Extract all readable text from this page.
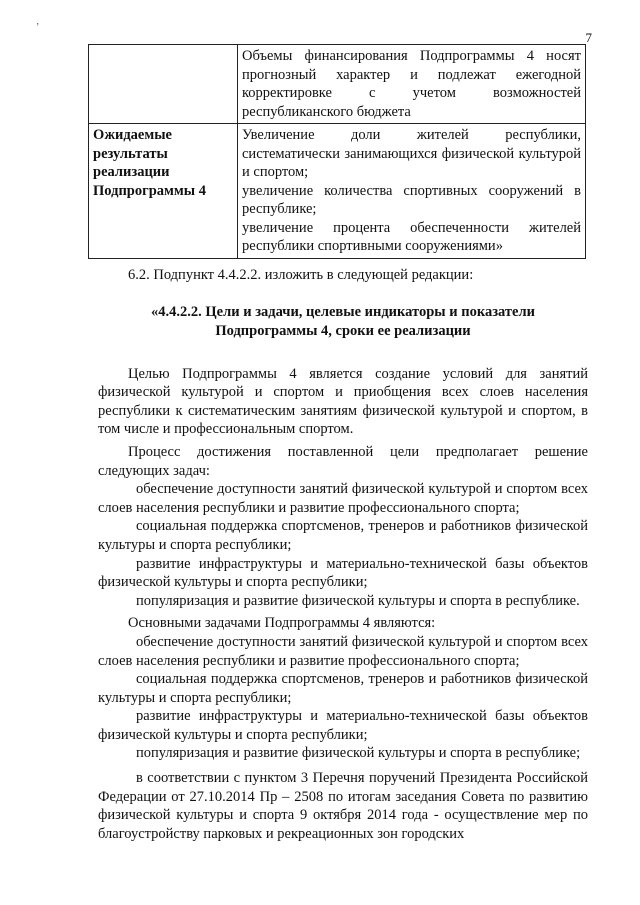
‚
7
	Объемы финансирования Подпрограммы 4 носят прогнозный характер и подлежат ежегодной корректировке с учетом возможностей республиканского бюджета
Ожидаемые результаты реализации Подпрограммы 4	Увеличение доли жителей республики, систематически занимающихся физической культурой и спортом;
увеличение количества спортивных сооружений в республике;
увеличение процента обеспеченности жителей республики спортивными сооружениями»

6.2. Подпункт 4.4.2.2. изложить в следующей редакции:

«4.4.2.2. Цели и задачи, целевые индикаторы и показатели
Подпрограммы 4, сроки ее реализации

Целью Подпрограммы 4 является создание условий для занятий физической культурой и спортом и приобщения всех слоев населения республики к систематическим занятиям физической культурой и спортом, в том числе и профессиональным спортом.

Процесс достижения поставленной цели предполагает решение следующих задач:

обеспечение доступности занятий физической культурой и спортом всех слоев населения республики и развитие профессионального спорта;

социальная поддержка спортсменов, тренеров и работников физической культуры и спорта республики;

развитие инфраструктуры и материально-технической базы объектов физической культуры и спорта республики;

популяризация и развитие физической культуры и спорта в республике.

Основными задачами Подпрограммы 4 являются:

обеспечение доступности занятий физической культурой и спортом всех слоев населения республики и развитие профессионального спорта;

социальная поддержка спортсменов, тренеров и работников физической культуры и спорта республики;

развитие инфраструктуры и материально-технической базы объектов физической культуры и спорта республики;

популяризация и развитие физической культуры и спорта в республике;

в соответствии с пунктом 3 Перечня поручений Президента Российской Федерации от 27.10.2014 Пр – 2508 по итогам заседания Совета по развитию физической культуры и спорта 9 октября 2014 года - осуществление мер по благоустройству парковых и рекреационных зон городских
